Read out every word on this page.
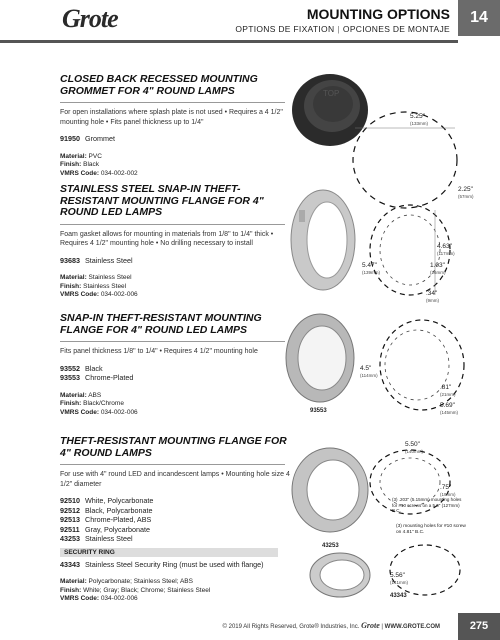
Grote	MOUNTING OPTIONS
OPTIONS DE FIXATION | OPCIONES DE MONTAJE
14
CLOSED BACK RECESSED MOUNTING GROMMET FOR 4" ROUND LAMPS
For open installations where splash plate is not used • Requires a 4 1/2" mounting hole • Fits panel thickness up to 1/4"
91950 Grommet
Material: PVC
Finish: Black
VMRS Code: 034-002-002
TOP
5.25"
(133mm)
2.25"
(57mm)
STAINLESS STEEL SNAP-IN THEFT-RESISTANT MOUNTING FLANGE FOR 4" ROUND LED LAMPS
Foam gasket allows for mounting in materials from 1/8" to 1/4" thick • Requires 4 1/2" mounting hole • No drilling necessary to install
93683 Stainless Steel
Material: Stainless Steel
Finish: Stainless Steel
VMRS Code: 034-002-006
4.63"
(117mm)
1.03"
(26mm)
5.47"
(139mm)
.34"
(9mm)
SNAP-IN THEFT-RESISTANT MOUNTING FLANGE FOR 4" ROUND LED LAMPS
Fits panel thickness 1/8" to 1/4" • Requires 4 1/2" mounting hole
93552 Black
93553 Chrome-Plated
Material: ABS
Finish: Black/Chrome
VMRS Code: 034-002-006	93553
4.5"
(114mm)
.81"
(21mm)
5.69"
(145mm)
THEFT-RESISTANT MOUNTING FLANGE FOR 4" ROUND LAMPS
For use with 4" round LED and incandescent lamps • Mounting hole size 4 1/2" diameter
92510 White, Polycarbonate
92512 Black, Polycarbonate
92513 Chrome-Plated, ABS
92511 Gray, Polycarbonate
43253 Stainless Steel
SECURITY RING
43343 Stainless Steel Security Ring (must be used with flange)
Material: Polycarbonate; Stainless Steel; ABS
Finish: White; Gray; Black; Chrome; Stainless Steel
VMRS Code: 034-002-006
43253
43343
5.50"
(140mm)
.75"
(19mm)
5.56"
(141mm)
(3) .203" (5.15mm) mounting holes for #10 screws on a 5.0" (127mm) B.C.
(3) mounting holes for #10 screw on 4.81" B.C.
© 2019 All Rights Reserved, Grote® Industries, Inc. Grote | WWW.GROTE.COM	275
